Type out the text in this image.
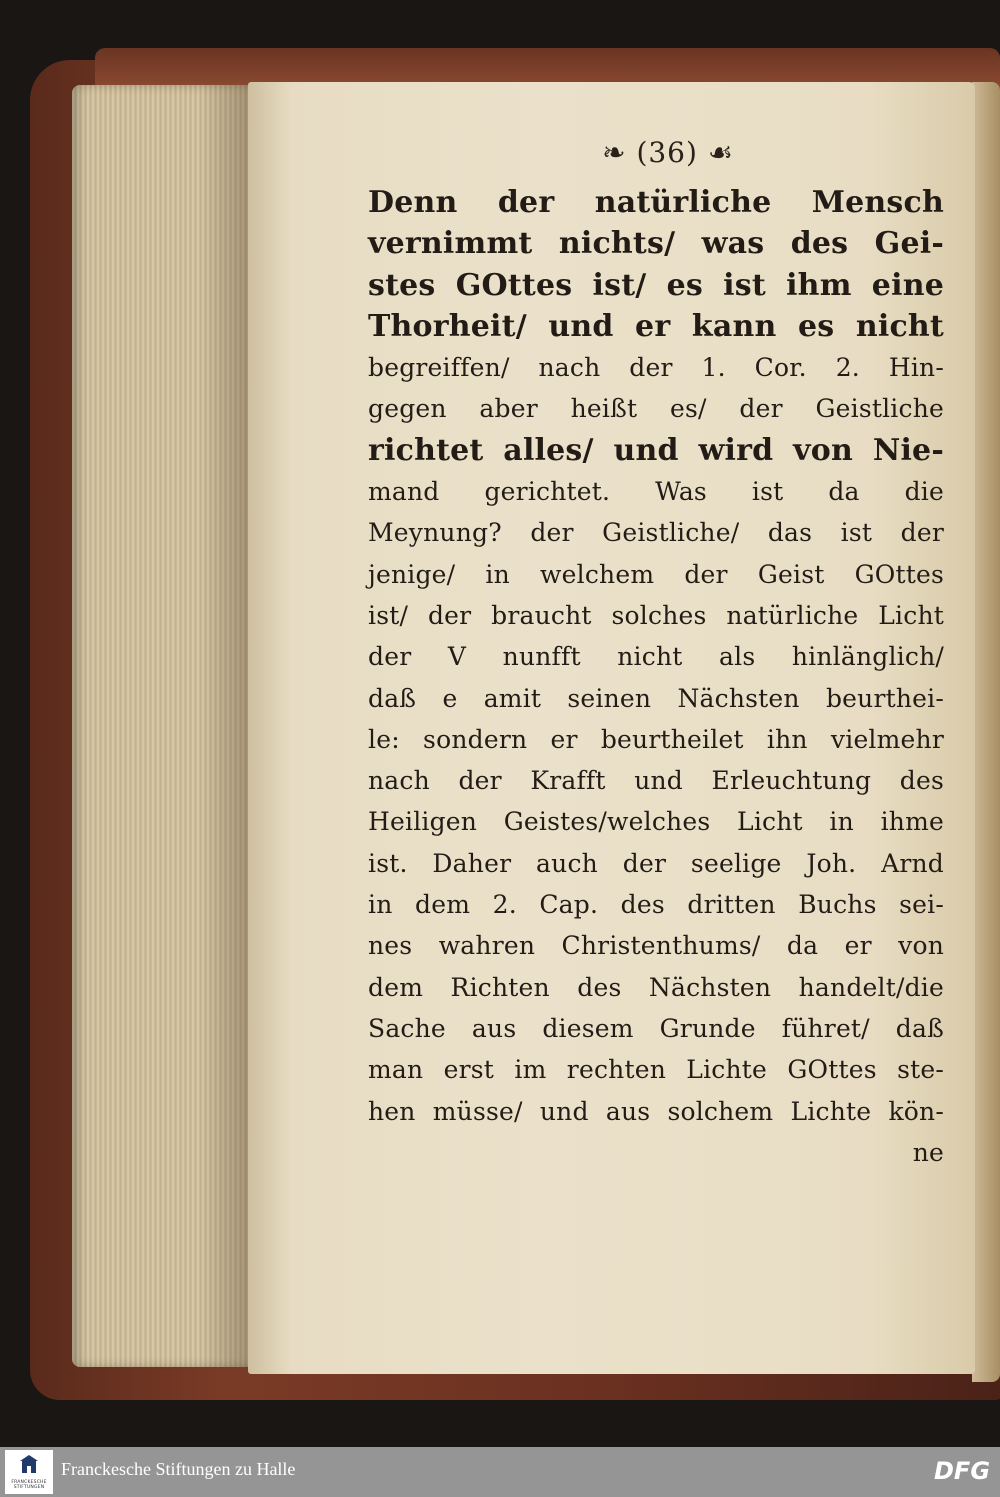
❧ (36) ☙
Denn der natürliche Mensch
vernimmt nichts/ was des Gei-
stes GOttes ist/ es ist ihm eine
Thorheit/ und er kann es nicht
begreiffen/ nach der 1. Cor. 2. Hin-
gegen aber heißt es/ der Geistliche
richtet alles/ und wird von Nie-
mand gerichtet. Was ist da die
Meynung? der Geistliche/ das ist der
jenige/ in welchem der Geist GOttes
ist/ der braucht solches natürliche Licht
der V nunfft nicht als hinlänglich/
daß e amit seinen Nächsten beurthei-
le: sondern er beurtheilet ihn vielmehr
nach der Krafft und Erleuchtung des
Heiligen Geistes/welches Licht in ihme
ist. Daher auch der seelige Joh. Arnd
in dem 2. Cap. des dritten Buchs sei-
nes wahren Christenthums/ da er von
dem Richten des Nächsten handelt/die
Sache aus diesem Grunde führet/ daß
man erst im rechten Lichte GOttes ste-
hen müsse/ und aus solchem Lichte kön-
ne
FRANCKESCHE STIFTUNGEN
Franckesche Stiftungen zu Halle	DFG
